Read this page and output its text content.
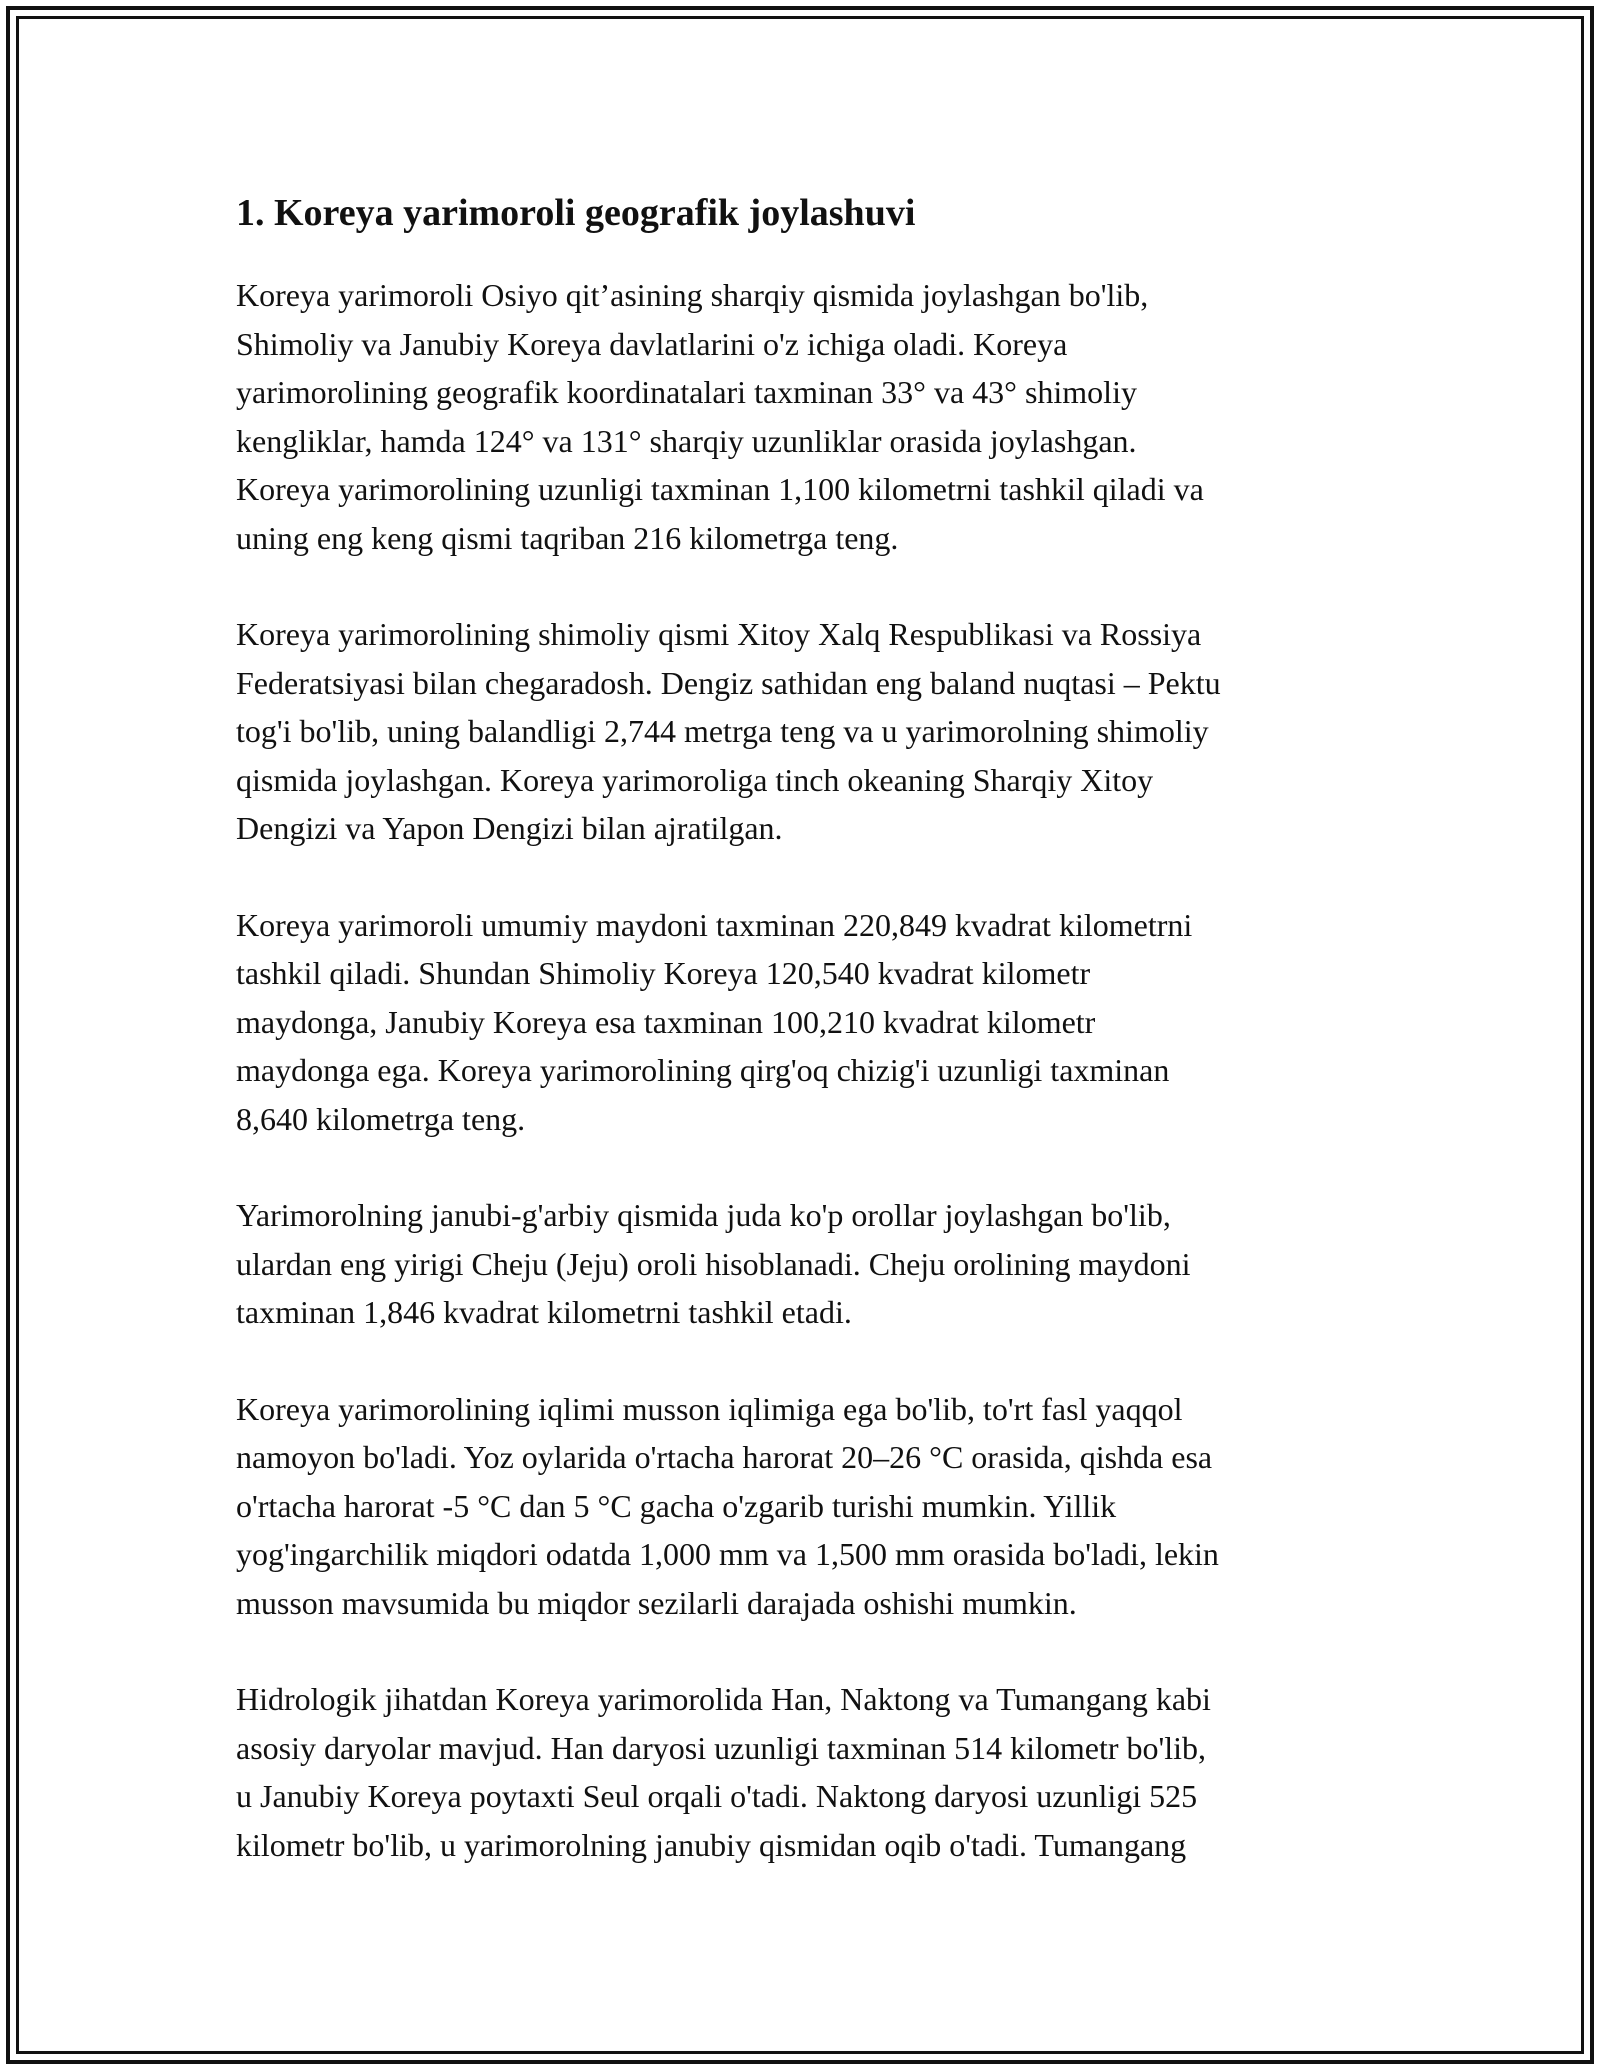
1. Koreya yarimoroli geografik joylashuvi

Koreya yarimoroli Osiyo qit’asining sharqiy qismida joylashgan bo'lib,
Shimoliy va Janubiy Koreya davlatlarini o'z ichiga oladi. Koreya
yarimorolining geografik koordinatalari taxminan 33° va 43° shimoliy
kengliklar, hamda 124° va 131° sharqiy uzunliklar orasida joylashgan.
Koreya yarimorolining uzunligi taxminan 1,100 kilometrni tashkil qiladi va
uning eng keng qismi taqriban 216 kilometrga teng.

Koreya yarimorolining shimoliy qismi Xitoy Xalq Respublikasi va Rossiya
Federatsiyasi bilan chegaradosh. Dengiz sathidan eng baland nuqtasi – Pektu
tog'i bo'lib, uning balandligi 2,744 metrga teng va u yarimorolning shimoliy
qismida joylashgan. Koreya yarimoroliga tinch okeaning Sharqiy Xitoy
Dengizi va Yapon Dengizi bilan ajratilgan.

Koreya yarimoroli umumiy maydoni taxminan 220,849 kvadrat kilometrni
tashkil qiladi. Shundan Shimoliy Koreya 120,540 kvadrat kilometr
maydonga, Janubiy Koreya esa taxminan 100,210 kvadrat kilometr
maydonga ega. Koreya yarimorolining qirg'oq chizig'i uzunligi taxminan
8,640 kilometrga teng.

Yarimorolning janubi-g'arbiy qismida juda ko'p orollar joylashgan bo'lib,
ulardan eng yirigi Cheju (Jeju) oroli hisoblanadi. Cheju orolining maydoni
taxminan 1,846 kvadrat kilometrni tashkil etadi.

Koreya yarimorolining iqlimi musson iqlimiga ega bo'lib, to'rt fasl yaqqol
namoyon bo'ladi. Yoz oylarida o'rtacha harorat 20–26 °C orasida, qishda esa
o'rtacha harorat -5 °C dan 5 °C gacha o'zgarib turishi mumkin. Yillik
yog'ingarchilik miqdori odatda 1,000 mm va 1,500 mm orasida bo'ladi, lekin
musson mavsumida bu miqdor sezilarli darajada oshishi mumkin.

Hidrologik jihatdan Koreya yarimorolida Han, Naktong va Tumangang kabi
asosiy daryolar mavjud. Han daryosi uzunligi taxminan 514 kilometr bo'lib,
u Janubiy Koreya poytaxti Seul orqali o'tadi. Naktong daryosi uzunligi 525
kilometr bo'lib, u yarimorolning janubiy qismidan oqib o'tadi. Tumangang
